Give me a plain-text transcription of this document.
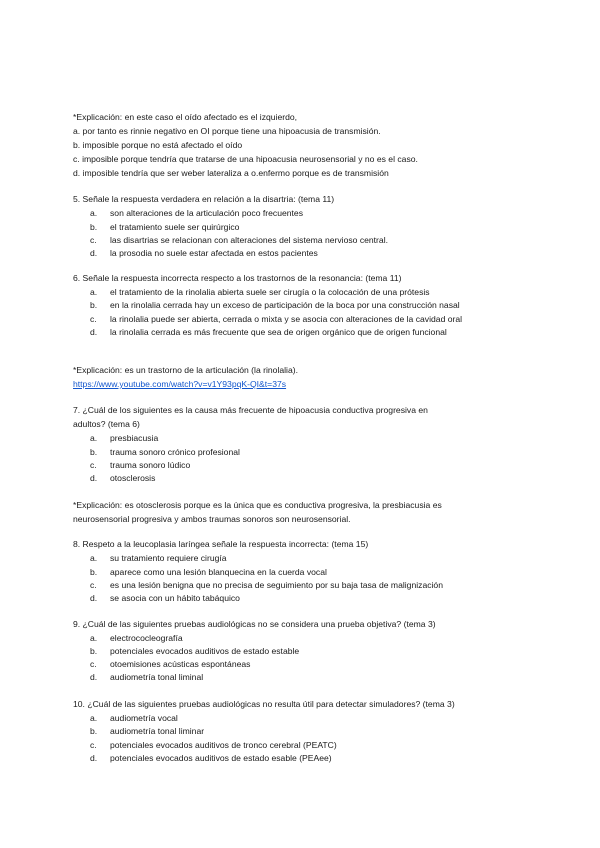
*Explicación: en este caso el oído afectado es el izquierdo,
a. por tanto es rinnie negativo en OI porque tiene una hipoacusia de transmisión.
b. imposible porque no está afectado el oído
c. imposible porque tendría que tratarse de una hipoacusia neurosensorial y no es el caso.
d. imposible tendría que ser weber lateraliza a o.enfermo porque es de transmisión
5. Señale la respuesta verdadera en relación a la disartria: (tema 11)
a.	son alteraciones de la articulación poco frecuentes
b.	el tratamiento suele ser quirúrgico
c.	las disartrias se relacionan con alteraciones del sistema nervioso central.
d.	la prosodia no suele estar afectada en estos pacientes
6. Señale la respuesta incorrecta respecto a los trastornos de la resonancia: (tema 11)
a.	el tratamiento de la rinolalia abierta suele ser cirugía o la colocación de una prótesis
b.	en la rinolalia cerrada hay un exceso de participación de la boca por una construcción nasal
c.	la rinolalia puede ser abierta, cerrada o mixta y se asocia con alteraciones de la cavidad oral
d.	la rinolalia cerrada es más frecuente que sea de origen orgánico que de origen funcional
*Explicación: es un trastorno de la articulación (la rinolalia).
https://www.youtube.com/watch?v=v1Y93pqK-QI&t=37s
7. ¿Cuál de los siguientes es la causa más frecuente de hipoacusia conductiva progresiva en
adultos? (tema 6)
a.	presbiacusia
b.	trauma sonoro crónico profesional
c.	trauma sonoro lúdico
d.	otosclerosis
*Explicación: es otosclerosis porque es la única que es conductiva progresiva, la presbiacusia es
neurosensorial progresiva y ambos traumas sonoros son neurosensorial.
8. Respeto a la leucoplasia laríngea señale la respuesta incorrecta: (tema 15)
a.	su tratamiento requiere cirugía
b.	aparece como una lesión blanquecina en la cuerda vocal
c.	es una lesión benigna que no precisa de seguimiento por su baja tasa de malignización
d.	se asocia con un hábito tabáquico
9. ¿Cuál de las siguientes pruebas audiológicas no se considera una prueba objetiva? (tema 3)
a.	electrococleografía
b.	potenciales evocados auditivos de estado estable
c.	otoemisiones acústicas espontáneas
d.	audiometría tonal liminal
10. ¿Cuál de las siguientes pruebas audiológicas no resulta útil para detectar simuladores? (tema 3)
a.	audiometría vocal
b.	audiometría tonal liminar
c.	potenciales evocados auditivos de tronco cerebral (PEATC)
d.	potenciales evocados auditivos de estado esable (PEAee)
